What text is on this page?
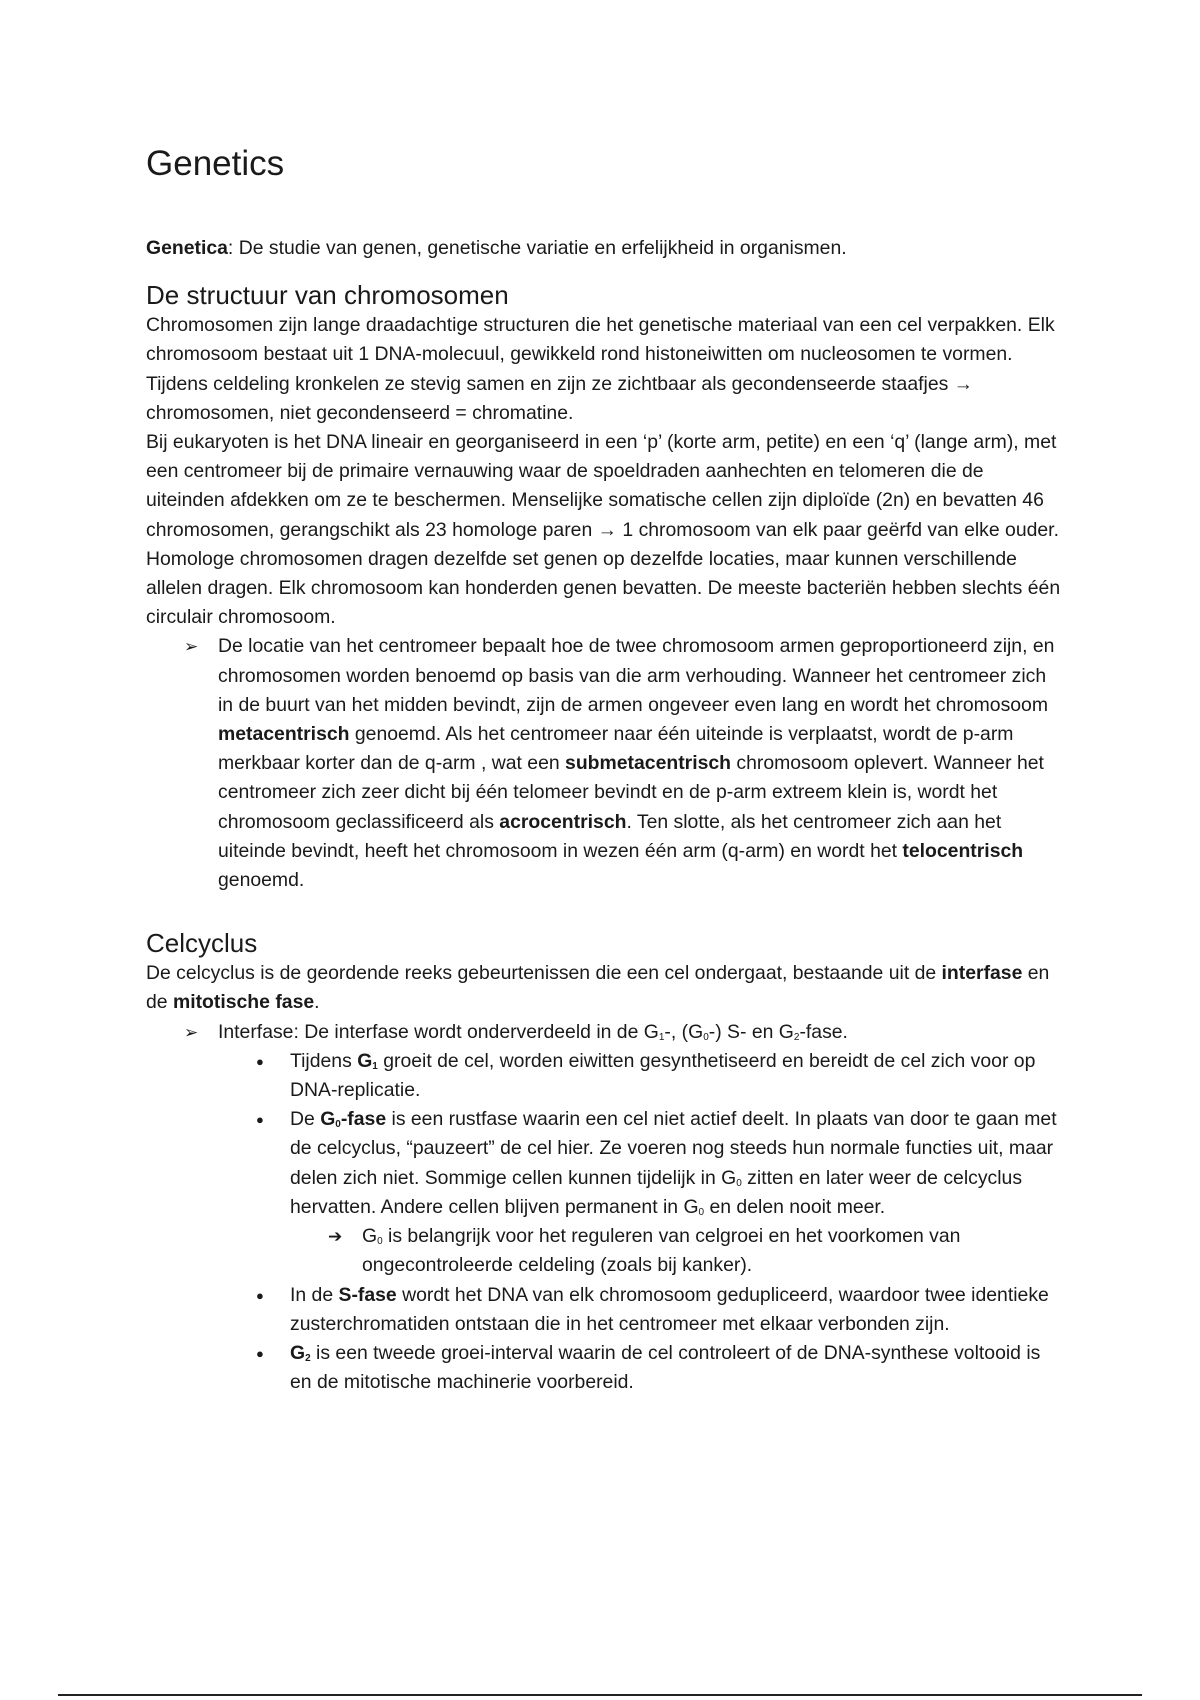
Genetics

Genetica: De studie van genen, genetische variatie en erfelijkheid in organismen.

De structuur van chromosomen

Chromosomen zijn lange draadachtige structuren die het genetische materiaal van een cel verpakken. Elk chromosoom bestaat uit 1 DNA-molecuul, gewikkeld rond histoneiwitten om nucleosomen te vormen. Tijdens celdeling kronkelen ze stevig samen en zijn ze zichtbaar als gecondenseerde staafjes → chromosomen, niet gecondenseerd = chromatine.

Bij eukaryoten is het DNA lineair en georganiseerd in een ‘p’ (korte arm, petite) en een ‘q’ (lange arm), met een centromeer bij de primaire vernauwing waar de spoeldraden aanhechten en telomeren die de uiteinden afdekken om ze te beschermen. Menselijke somatische cellen zijn diploïde (2n) en bevatten 46 chromosomen, gerangschikt als 23 homologe paren → 1 chromosoom van elk paar geërfd van elke ouder. Homologe chromosomen dragen dezelfde set genen op dezelfde locaties, maar kunnen verschillende allelen dragen. Elk chromosoom kan honderden genen bevatten. De meeste bacteriën hebben slechts één circulair chromosoom.

➢ De locatie van het centromeer bepaalt hoe de twee chromosoom armen geproportioneerd zijn, en chromosomen worden benoemd op basis van die arm verhouding. Wanneer het centromeer zich in de buurt van het midden bevindt, zijn de armen ongeveer even lang en wordt het chromosoom metacentrisch genoemd. Als het centromeer naar één uiteinde is verplaatst, wordt de p-arm merkbaar korter dan de q-arm , wat een submetacentrisch chromosoom oplevert. Wanneer het centromeer zich zeer dicht bij één telomeer bevindt en de p-arm extreem klein is, wordt het chromosoom geclassificeerd als acrocentrisch. Ten slotte, als het centromeer zich aan het uiteinde bevindt, heeft het chromosoom in wezen één arm (q-arm) en wordt het telocentrisch genoemd.
Celcyclus

De celcyclus is de geordende reeks gebeurtenissen die een cel ondergaat, bestaande uit de interfase en de mitotische fase.

➢ Interfase: De interfase wordt onderverdeeld in de $G_1-$, $(G_0-)$ S- en $G_2$-fase.
● Tijdens $G_1$ groeit de cel, worden eiwitten gesynthetiseerd en bereidt de cel zich voor op DNA-replicatie.
● De $G_0$-fase is een rustfase waarin een cel niet actief deelt. In plaats van door te gaan met de celcyclus, “pauzeert” de cel hier. Ze voeren nog steeds hun normale functies uit, maar delen zich niet. Sommige cellen kunnen tijdelijk in $G_0$ zitten en later weer de celcyclus hervatten. Andere cellen blijven permanent in $G_0$ en delen nooit meer.
➔ $G_0$ is belangrijk voor het reguleren van celgroei en het voorkomen van ongecontroleerde celdeling (zoals bij kanker).
● In de S-fase wordt het DNA van elk chromosoom gedupliceerd, waardoor twee identieke zusterchromatiden ontstaan die in het centromeer met elkaar verbonden zijn.
● $G_2$ is een tweede groei-interval waarin de cel controleert of de DNA-synthese voltooid is en de mitotische machinerie voorbereid.
